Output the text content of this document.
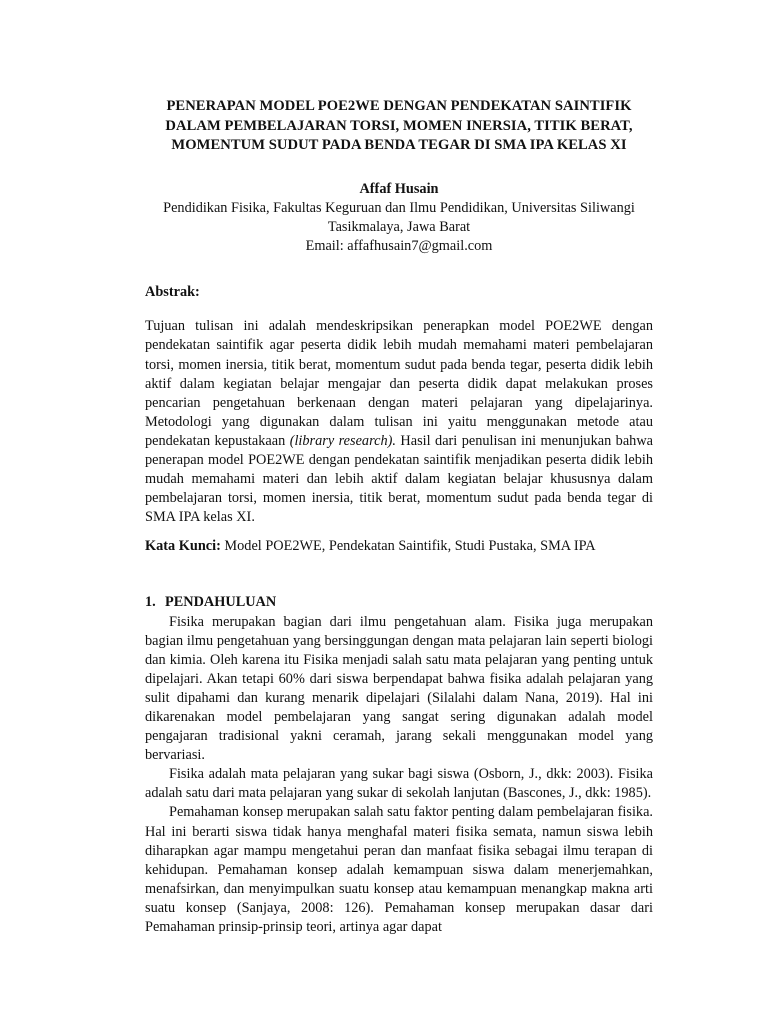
PENERAPAN MODEL POE2WE DENGAN PENDEKATAN SAINTIFIK
DALAM PEMBELAJARAN TORSI, MOMEN INERSIA, TITIK BERAT,
MOMENTUM SUDUT PADA BENDA TEGAR DI SMA IPA KELAS XI
Affaf Husain
Pendidikan Fisika, Fakultas Keguruan dan Ilmu Pendidikan, Universitas Siliwangi
Tasikmalaya, Jawa Barat
Email: affafhusain7@gmail.com
Abstrak:

Tujuan tulisan ini adalah mendeskripsikan penerapkan model POE2WE dengan pendekatan saintifik agar peserta didik lebih mudah memahami materi pembelajaran torsi, momen inersia, titik berat, momentum sudut pada benda tegar, peserta didik lebih aktif dalam kegiatan belajar mengajar dan peserta didik dapat melakukan proses pencarian pengetahuan berkenaan dengan materi pelajaran yang dipelajarinya. Metodologi yang digunakan dalam tulisan ini yaitu menggunakan metode atau pendekatan kepustakaan (library research). Hasil dari penulisan ini menunjukan bahwa penerapan model POE2WE dengan pendekatan saintifik menjadikan peserta didik lebih mudah memahami materi dan lebih aktif dalam kegiatan belajar khususnya dalam pembelajaran torsi, momen inersia, titik berat, momentum sudut pada benda tegar di SMA IPA kelas XI.

Kata Kunci: Model POE2WE, Pendekatan Saintifik, Studi Pustaka, SMA IPA

1. PENDAHULUAN

Fisika merupakan bagian dari ilmu pengetahuan alam. Fisika juga merupakan bagian ilmu pengetahuan yang bersinggungan dengan mata pelajaran lain seperti biologi dan kimia. Oleh karena itu Fisika menjadi salah satu mata pelajaran yang penting untuk dipelajari. Akan tetapi 60% dari siswa berpendapat bahwa fisika adalah pelajaran yang sulit dipahami dan kurang menarik dipelajari (Silalahi dalam Nana, 2019). Hal ini dikarenakan model pembelajaran yang sangat sering digunakan adalah model pengajaran tradisional yakni ceramah, jarang sekali menggunakan model yang bervariasi.

Fisika adalah mata pelajaran yang sukar bagi siswa (Osborn, J., dkk: 2003). Fisika adalah satu dari mata pelajaran yang sukar di sekolah lanjutan (Bascones, J., dkk: 1985).

Pemahaman konsep merupakan salah satu faktor penting dalam pembelajaran fisika. Hal ini berarti siswa tidak hanya menghafal materi fisika semata, namun siswa lebih diharapkan agar mampu mengetahui peran dan manfaat fisika sebagai ilmu terapan di kehidupan. Pemahaman konsep adalah kemampuan siswa dalam menerjemahkan, menafsirkan, dan menyimpulkan suatu konsep atau kemampuan menangkap makna arti suatu konsep (Sanjaya, 2008: 126). Pemahaman konsep merupakan dasar dari Pemahaman prinsip-prinsip teori, artinya agar dapat
